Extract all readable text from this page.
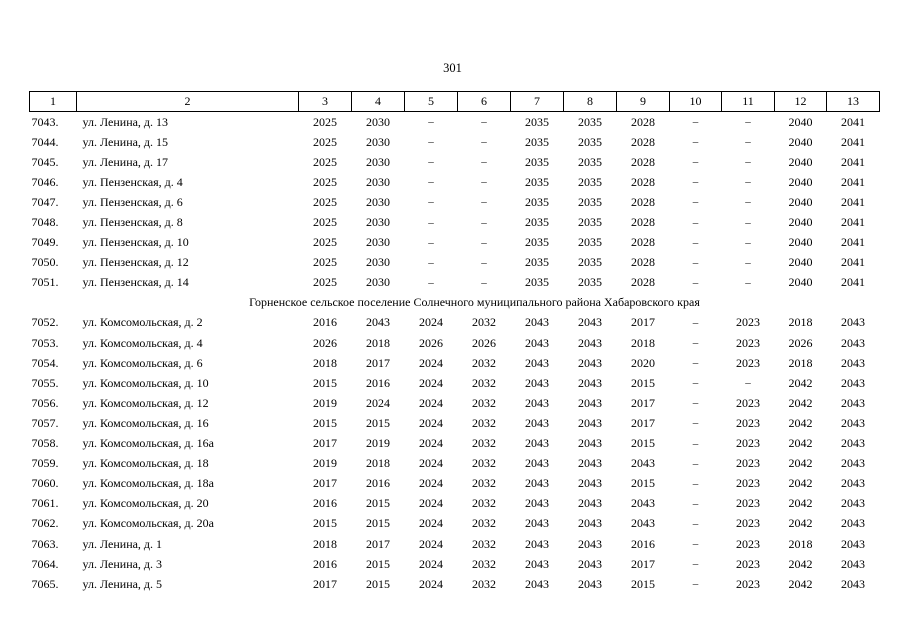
301
1	2	3	4	5	6	7	8	9	10	11	12	13
7043.	ул. Ленина, д. 13	2025	2030	–	–	2035	2035	2028	–	–	2040	2041
7044.	ул. Ленина, д. 15	2025	2030	–	–	2035	2035	2028	–	–	2040	2041
7045.	ул. Ленина, д. 17	2025	2030	–	–	2035	2035	2028	–	–	2040	2041
7046.	ул. Пензенская, д. 4	2025	2030	–	–	2035	2035	2028	–	–	2040	2041
7047.	ул. Пензенская, д. 6	2025	2030	–	–	2035	2035	2028	–	–	2040	2041
7048.	ул. Пензенская, д. 8	2025	2030	–	–	2035	2035	2028	–	–	2040	2041
7049.	ул. Пензенская, д. 10	2025	2030	–	–	2035	2035	2028	–	–	2040	2041
7050.	ул. Пензенская, д. 12	2025	2030	–	–	2035	2035	2028	–	–	2040	2041
7051.	ул. Пензенская, д. 14	2025	2030	–	–	2035	2035	2028	–	–	2040	2041
Горненское сельское поселение Солнечного муниципального района Хабаровского края												
7052.	ул. Комсомольская, д. 2	2016	2043	2024	2032	2043	2043	2017	–	2023	2018	2043
7053.	ул. Комсомольская, д. 4	2026	2018	2026	2026	2043	2043	2018	–	2023	2026	2043
7054.	ул. Комсомольская, д. 6	2018	2017	2024	2032	2043	2043	2020	–	2023	2018	2043
7055.	ул. Комсомольская, д. 10	2015	2016	2024	2032	2043	2043	2015	–	–	2042	2043
7056.	ул. Комсомольская, д. 12	2019	2024	2024	2032	2043	2043	2017	–	2023	2042	2043
7057.	ул. Комсомольская, д. 16	2015	2015	2024	2032	2043	2043	2017	–	2023	2042	2043
7058.	ул. Комсомольская, д. 16а	2017	2019	2024	2032	2043	2043	2015	–	2023	2042	2043
7059.	ул. Комсомольская, д. 18	2019	2018	2024	2032	2043	2043	2043	–	2023	2042	2043
7060.	ул. Комсомольская, д. 18а	2017	2016	2024	2032	2043	2043	2015	–	2023	2042	2043
7061.	ул. Комсомольская, д. 20	2016	2015	2024	2032	2043	2043	2043	–	2023	2042	2043
7062.	ул. Комсомольская, д. 20а	2015	2015	2024	2032	2043	2043	2043	–	2023	2042	2043
7063.	ул. Ленина, д. 1	2018	2017	2024	2032	2043	2043	2016	–	2023	2018	2043
7064.	ул. Ленина, д. 3	2016	2015	2024	2032	2043	2043	2017	–	2023	2042	2043
7065.	ул. Ленина, д. 5	2017	2015	2024	2032	2043	2043	2015	–	2023	2042	2043
